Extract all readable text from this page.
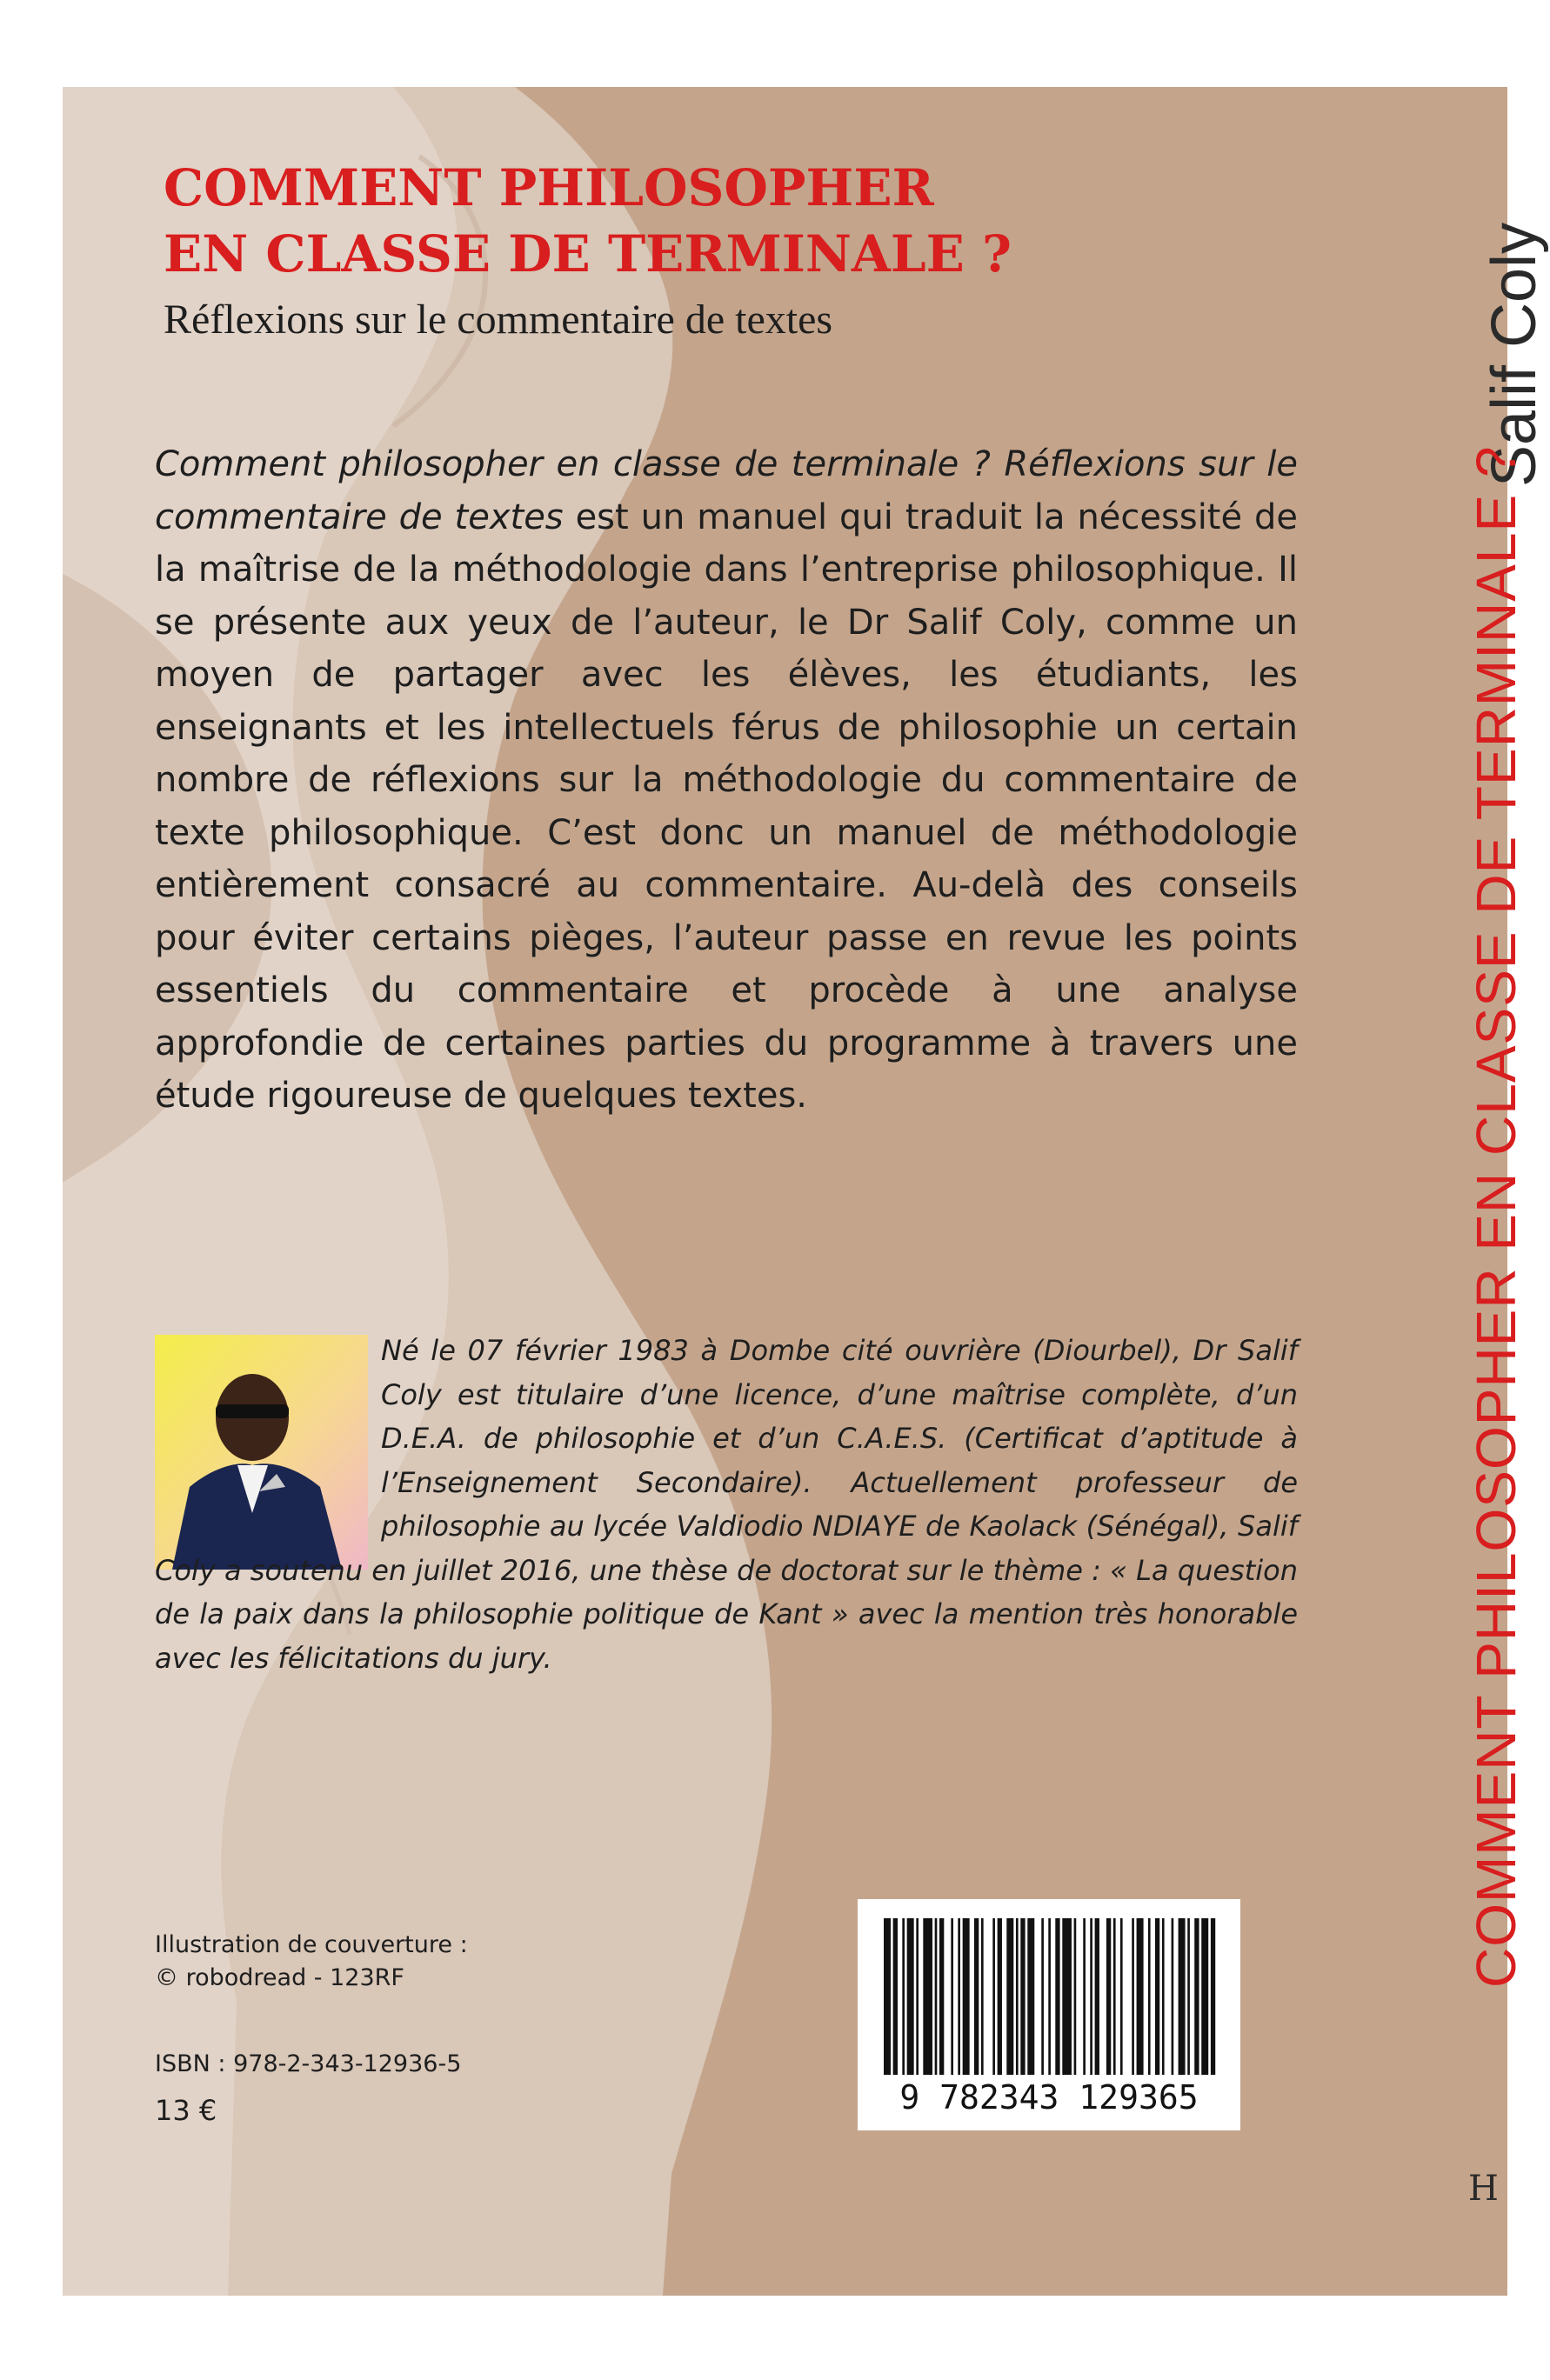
COMMENT PHILOSOPHER
EN CLASSE DE TERMINALE ?

Réflexions sur le commentaire de textes

Comment philosopher en classe de terminale ? Réflexions sur le commentaire de textes est un manuel qui traduit la nécessité de la maîtrise de la méthodologie dans l’entreprise philosophique. Il se présente aux yeux de l’auteur, le Dr Salif Coly, comme un moyen de partager avec les élèves, les étudiants, les enseignants et les intellectuels férus de philosophie un certain nombre de réflexions sur la méthodologie du commentaire de texte philosophique. C’est donc un manuel de méthodologie entièrement consacré au commentaire. Au-delà des conseils pour éviter certains pièges, l’auteur passe en revue les points essentiels du commentaire et procède à une analyse approfondie de certaines parties du programme à travers une étude rigoureuse de quelques textes.

Né le 07 février 1983 à Dombe cité ouvrière (Diourbel), Dr Salif Coly est titulaire d’une licence, d’une maîtrise complète, d’un D.E.A. de philosophie et d’un C.A.E.S. (Certificat d’aptitude à l’Enseignement Secondaire). Actuellement professeur de philosophie au lycée Valdiodio NDIAYE de Kaolack (Sénégal), Salif Coly a soutenu en juillet 2016, une thèse de doctorat sur le thème : « La question de la paix dans la philosophie politique de Kant » avec la mention très honorable avec les félicitations du jury.

Illustration de couverture :
© robodread - 123RF
ISBN : 978-2-343-12936-5
13 €	9 782343 129365
Salif Coly
COMMENT PHILOSOPHER EN CLASSE DE TERMINALE ?
H
